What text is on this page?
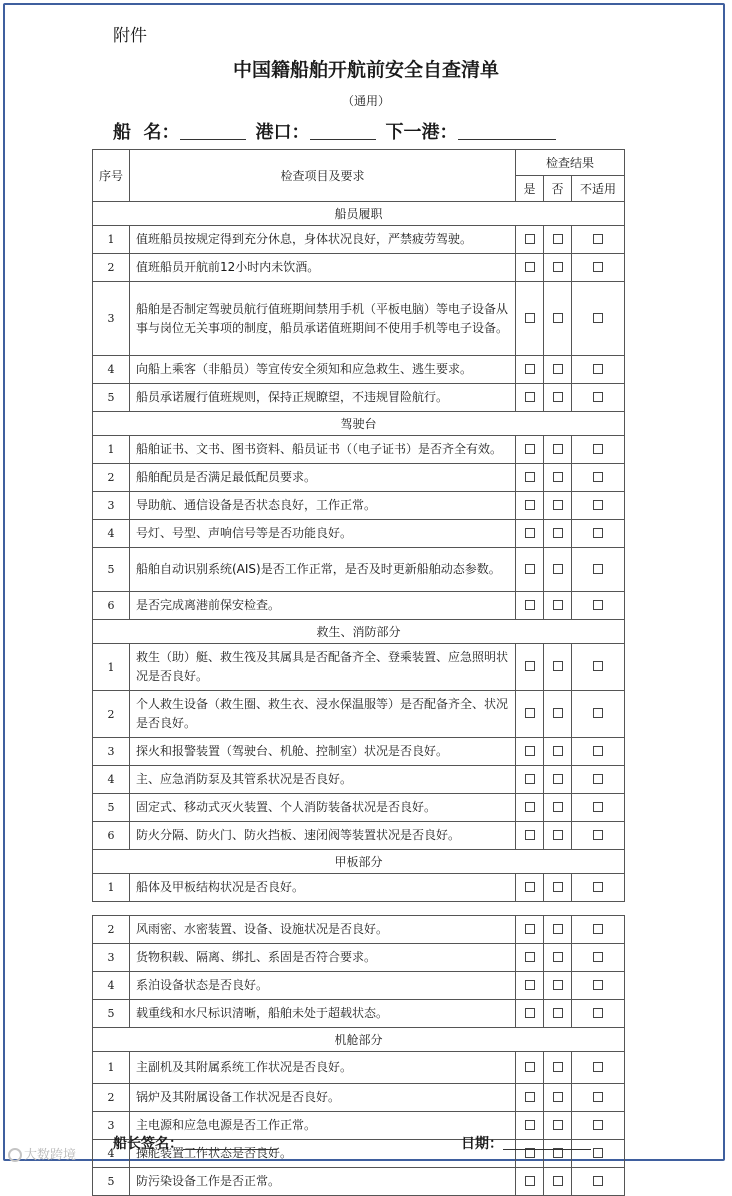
附件
中国籍船舶开航前安全自查清单
（通用）
船  名：	港口：	下一港：
序号	检查项目及要求	检查结果		
		是	否	不适用
船员履职				
1	值班船员按规定得到充分休息，身体状况良好，严禁疲劳驾驶。			
2	值班船员开航前12小时内未饮酒。			
3	船舶是否制定驾驶员航行值班期间禁用手机（平板电脑）等电子设备从事与岗位无关事项的制度，船员承诺值班期间不使用手机等电子设备。			
4	向船上乘客（非船员）等宣传安全须知和应急救生、逃生要求。			
5	船员承诺履行值班规则，保持正规瞭望，不违规冒险航行。			
驾驶台				
1	船舶证书、文书、图书资料、船员证书（（电子证书）是否齐全有效。			
2	船舶配员是否满足最低配员要求。			
3	导助航、通信设备是否状态良好，工作正常。			
4	号灯、号型、声响信号等是否功能良好。			
5	船舶自动识别系统(AIS)是否工作正常，是否及时更新船舶动态参数。			
6	是否完成离港前保安检查。			
救生、消防部分				
1	救生（助）艇、救生筏及其属具是否配备齐全、登乘装置、应急照明状况是否良好。			
2	个人救生设备（救生圈、救生衣、浸水保温服等）是否配备齐全、状况是否良好。			
3	探火和报警装置（驾驶台、机舱、控制室）状况是否良好。			
4	主、应急消防泵及其管系状况是否良好。			
5	固定式、移动式灭火装置、个人消防装备状况是否良好。			
6	防火分隔、防火门、防火挡板、速闭阀等装置状况是否良好。			
甲板部分				
1	船体及甲板结构状况是否良好。			

2	风雨密、水密装置、设备、设施状况是否良好。			
3	货物积载、隔离、绑扎、系固是否符合要求。			
4	系泊设备状态是否良好。			
5	载重线和水尺标识清晰，船舶未处于超载状态。			
机舱部分				
1	主副机及其附属系统工作状况是否良好。			
2	锅炉及其附属设备工作状况是否良好。			
3	主电源和应急电源是否工作正常。			
4	操舵装置工作状态是否良好。			
5	防污染设备工作是否正常。			
船长签名：	日期：
大数跨境
